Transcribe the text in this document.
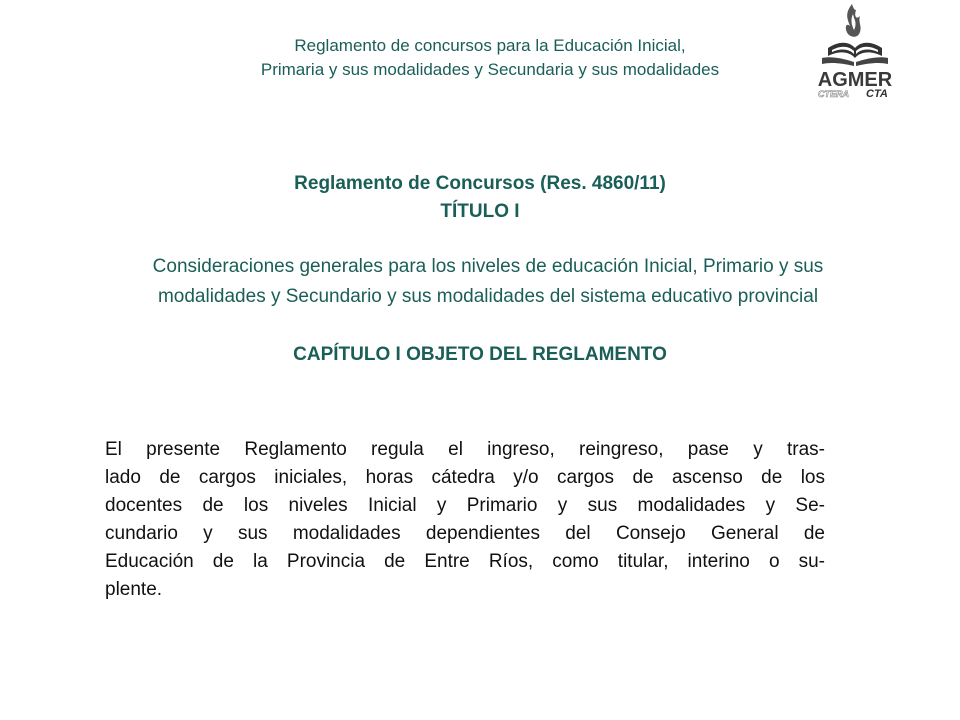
Reglamento de concursos para la Educación Inicial,
Primaria y sus modalidades y Secundaria y sus modalidades	AGMER
CTERA CTA
Reglamento de Concursos (Res. 4860/11)
TÍTULO I
Consideraciones generales para los niveles de educación Inicial, Primario y sus
modalidades y Secundario y sus modalidades del sistema educativo provincial
CAPÍTULO I OBJETO DEL REGLAMENTO
El presente Reglamento regula el ingreso, reingreso, pase y tras-
lado de cargos iniciales, horas cátedra y/o cargos de ascenso de los
docentes de los niveles Inicial y Primario y sus modalidades y Se-
cundario y sus modalidades dependientes del Consejo General de
Educación de la Provincia de Entre Ríos, como titular, interino o su-
plente.
